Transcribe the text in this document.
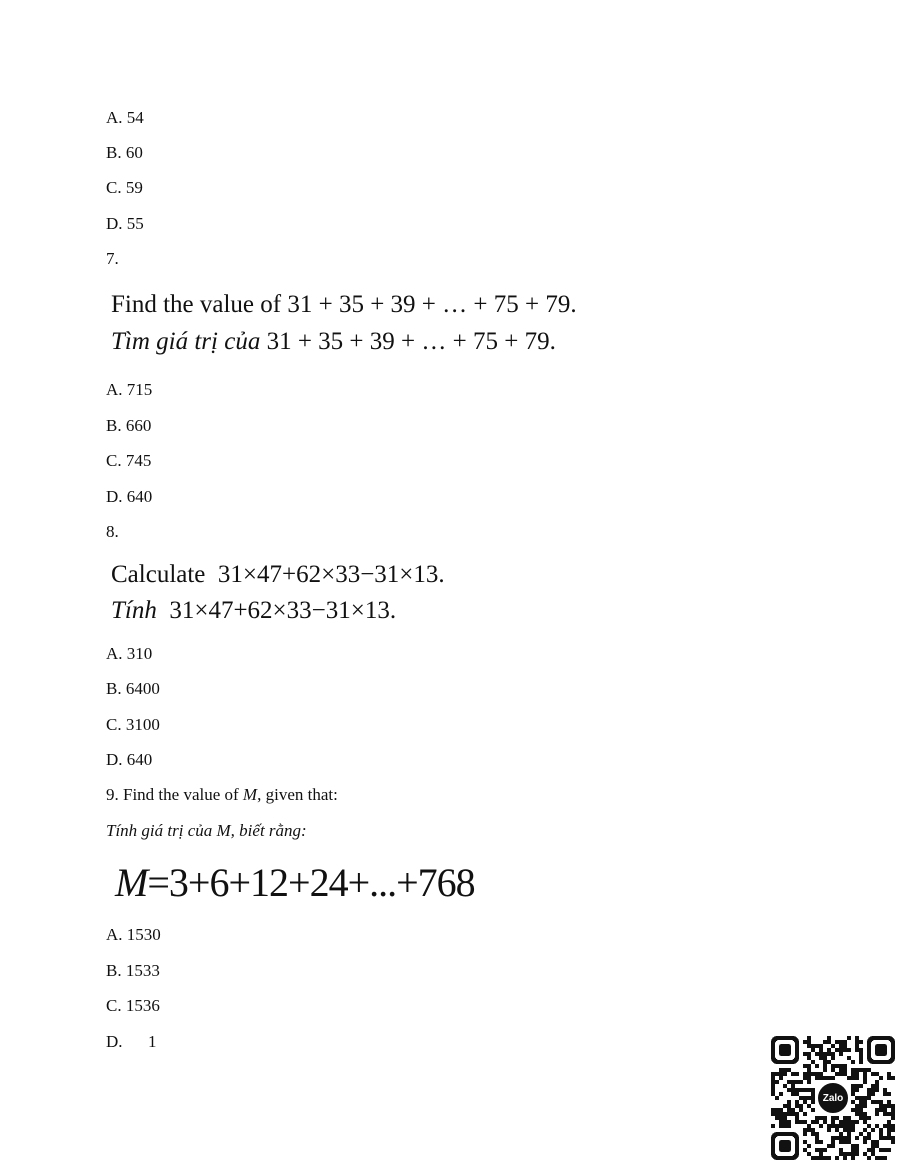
A. 54
B. 60
C. 59
D. 55
7.
Find the value of 31 + 35 + 39 + … + 75 + 79.
Tìm giá trị của 31 + 35 + 39 + … + 75 + 79.
A. 715
B. 660
C. 745
D. 640
8.
Calculate  31×47+62×33−31×13.
Tính  31×47+62×33−31×13.
A. 310
B. 6400
C. 3100
D. 640
9. Find the value of M, given that:
Tính giá trị của M, biết rằng:
M=3+6+12+24+...+768
A. 1530
B. 1533
C. 1536
D.      1
Zalo
